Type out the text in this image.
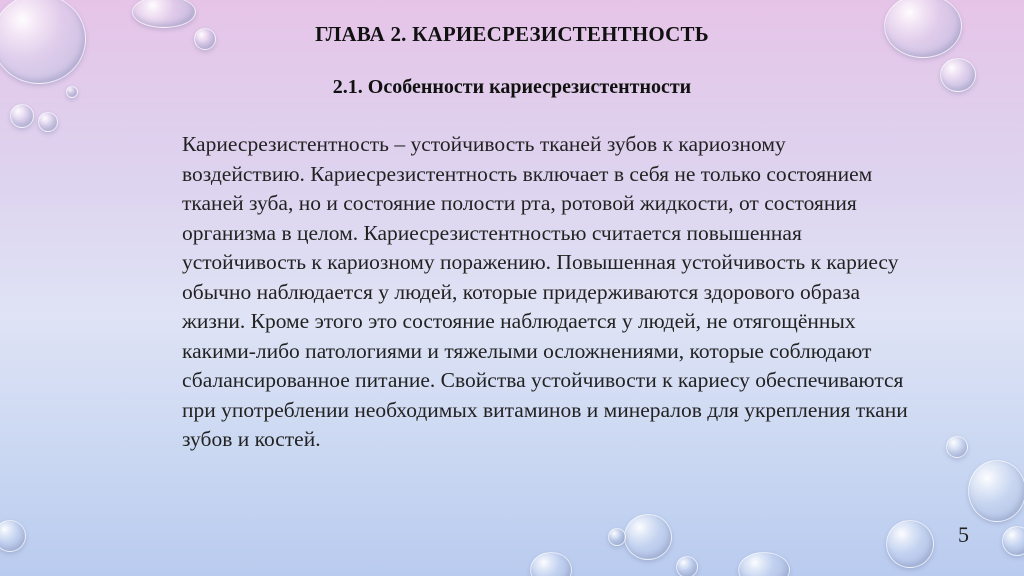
ГЛАВА 2. КАРИЕСРЕЗИСТЕНТНОСТЬ
2.1. Особенности кариесрезистентности

Кариесрезистентность – устойчивость тканей зубов к кариозному воздействию. Кариесрезистентность включает в себя не только состоянием тканей зуба, но и состояние полости рта, ротовой жидкости, от состояния организма в целом. Кариесрезистентностью считается повышенная устойчивость к кариозному поражению. Повышенная устойчивость к кариесу обычно наблюдается у людей, которые придерживаются здорового образа жизни. Кроме этого это состояние наблюдается у людей, не отягощённых какими-либо патологиями и тяжелыми осложнениями, которые соблюдают сбалансированное питание. Свойства устойчивости к кариесу обеспечиваются при употреблении необходимых витаминов и минералов для укрепления ткани зубов и костей.

5
